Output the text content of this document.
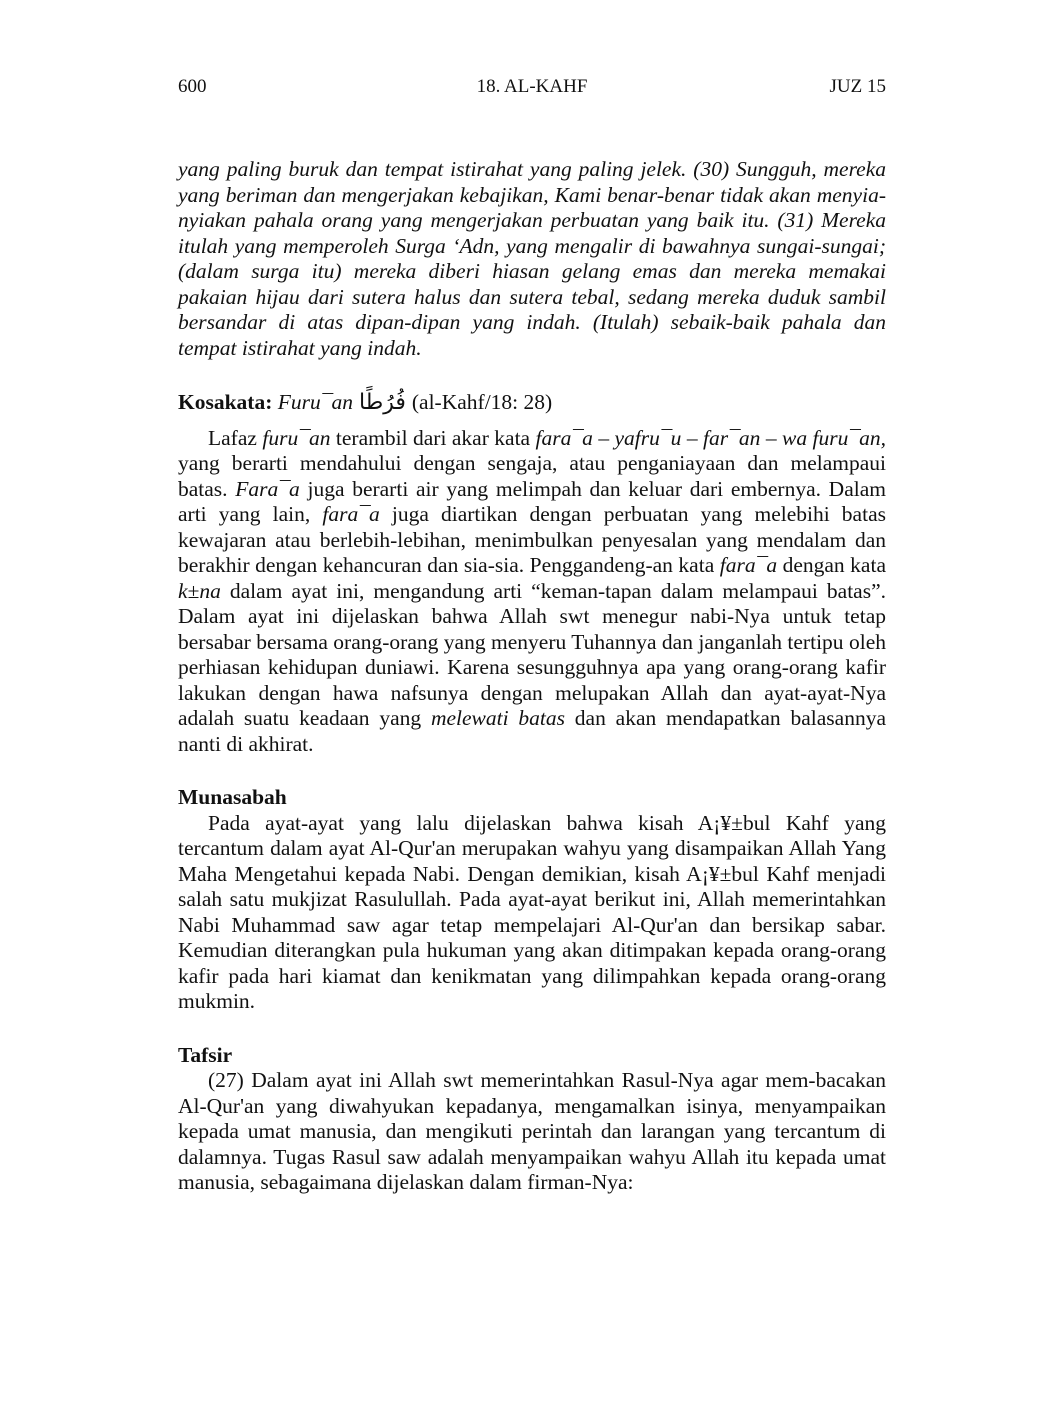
600	18. AL-KAHF	JUZ 15

yang paling buruk dan tempat istirahat yang paling jelek. (30) Sungguh, mereka yang beriman dan mengerjakan kebajikan, Kami benar-benar tidak akan menyia-nyiakan pahala orang yang mengerjakan perbuatan yang baik itu. (31) Mereka itulah yang memperoleh Surga ‘Adn, yang mengalir di bawahnya sungai-sungai; (dalam surga itu) mereka diberi hiasan gelang emas dan mereka memakai pakaian hijau dari sutera halus dan sutera tebal, sedang mereka duduk sambil bersandar di atas dipan-dipan yang indah. (Itulah) sebaik-baik pahala dan tempat istirahat yang indah.

Kosakata: Furu¯an فُرُطًا (al-Kahf/18: 28)

Lafaz furu¯an terambil dari akar kata fara¯a – yafru¯u – far¯an – wa furu¯an, yang berarti mendahului dengan sengaja, atau penganiayaan dan melampaui batas. Fara¯a juga berarti air yang melimpah dan keluar dari embernya. Dalam arti yang lain, fara¯a juga diartikan dengan perbuatan yang melebihi batas kewajaran atau berlebih-lebihan, menimbulkan penyesalan yang mendalam dan berakhir dengan kehancuran dan sia-sia. Penggandeng-an kata fara¯a dengan kata k±na dalam ayat ini, mengandung arti “keman-tapan dalam melampaui batas”. Dalam ayat ini dijelaskan bahwa Allah swt menegur nabi-Nya untuk tetap bersabar bersama orang-orang yang menyeru Tuhannya dan janganlah tertipu oleh perhiasan kehidupan duniawi. Karena sesungguhnya apa yang orang-orang kafir lakukan dengan hawa nafsunya dengan melupakan Allah dan ayat-ayat-Nya adalah suatu keadaan yang melewati batas dan akan mendapatkan balasannya nanti di akhirat.

Munasabah

Pada ayat-ayat yang lalu dijelaskan bahwa kisah A¡¥±bul Kahf yang tercantum dalam ayat Al-Qur'an merupakan wahyu yang disampaikan Allah Yang Maha Mengetahui kepada Nabi. Dengan demikian, kisah A¡¥±bul Kahf menjadi salah satu mukjizat Rasulullah. Pada ayat-ayat berikut ini, Allah memerintahkan Nabi Muhammad saw agar tetap mempelajari Al-Qur'an dan bersikap sabar. Kemudian diterangkan pula hukuman yang akan ditimpakan kepada orang-orang kafir pada hari kiamat dan kenikmatan yang dilimpahkan kepada orang-orang mukmin.

Tafsir

(27) Dalam ayat ini Allah swt memerintahkan Rasul-Nya agar mem-bacakan Al-Qur'an yang diwahyukan kepadanya, mengamalkan isinya, menyampaikan kepada umat manusia, dan mengikuti perintah dan larangan yang tercantum di dalamnya. Tugas Rasul saw adalah menyampaikan wahyu Allah itu kepada umat manusia, sebagaimana dijelaskan dalam firman-Nya:
